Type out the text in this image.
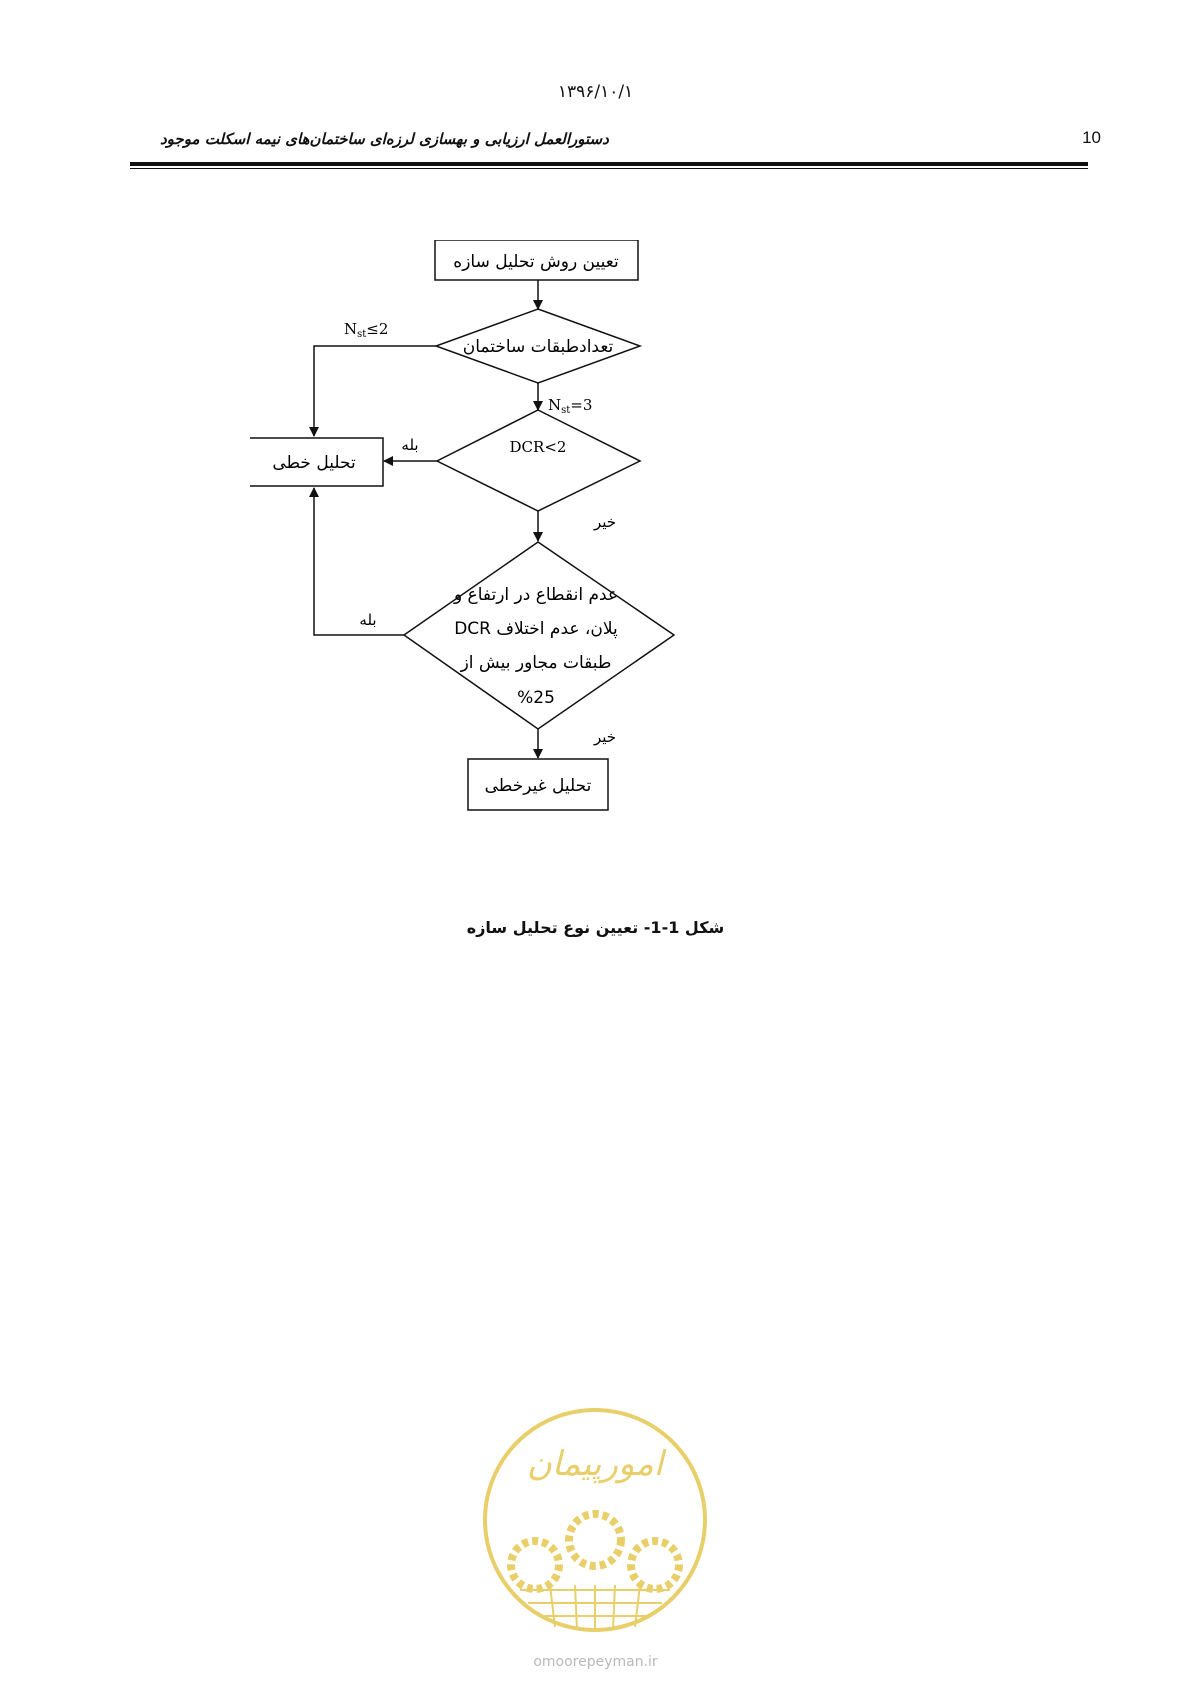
۱۳۹۶/۱۰/۱
دستورالعمل ارزیابی و بهسازی لرزه‌ای ساختمان‌های نیمه اسکلت موجود	10
تعیین روش تحلیل سازه
تعدادطبقات ساختمان
$N_{st}\le 2$
$N_{st}=3$
DCR<2
تحلیل خطی
بله
خیر
عدم انقطاع در ارتفاع و
پلان، عدم اختلاف DCR
طبقات مجاور بیش از
%25
بله
خیر
تحلیل غیرخطی
شکل 1-1- تعیین نوع تحلیل سازه
امورپیمان
omoorepeyman.ir
